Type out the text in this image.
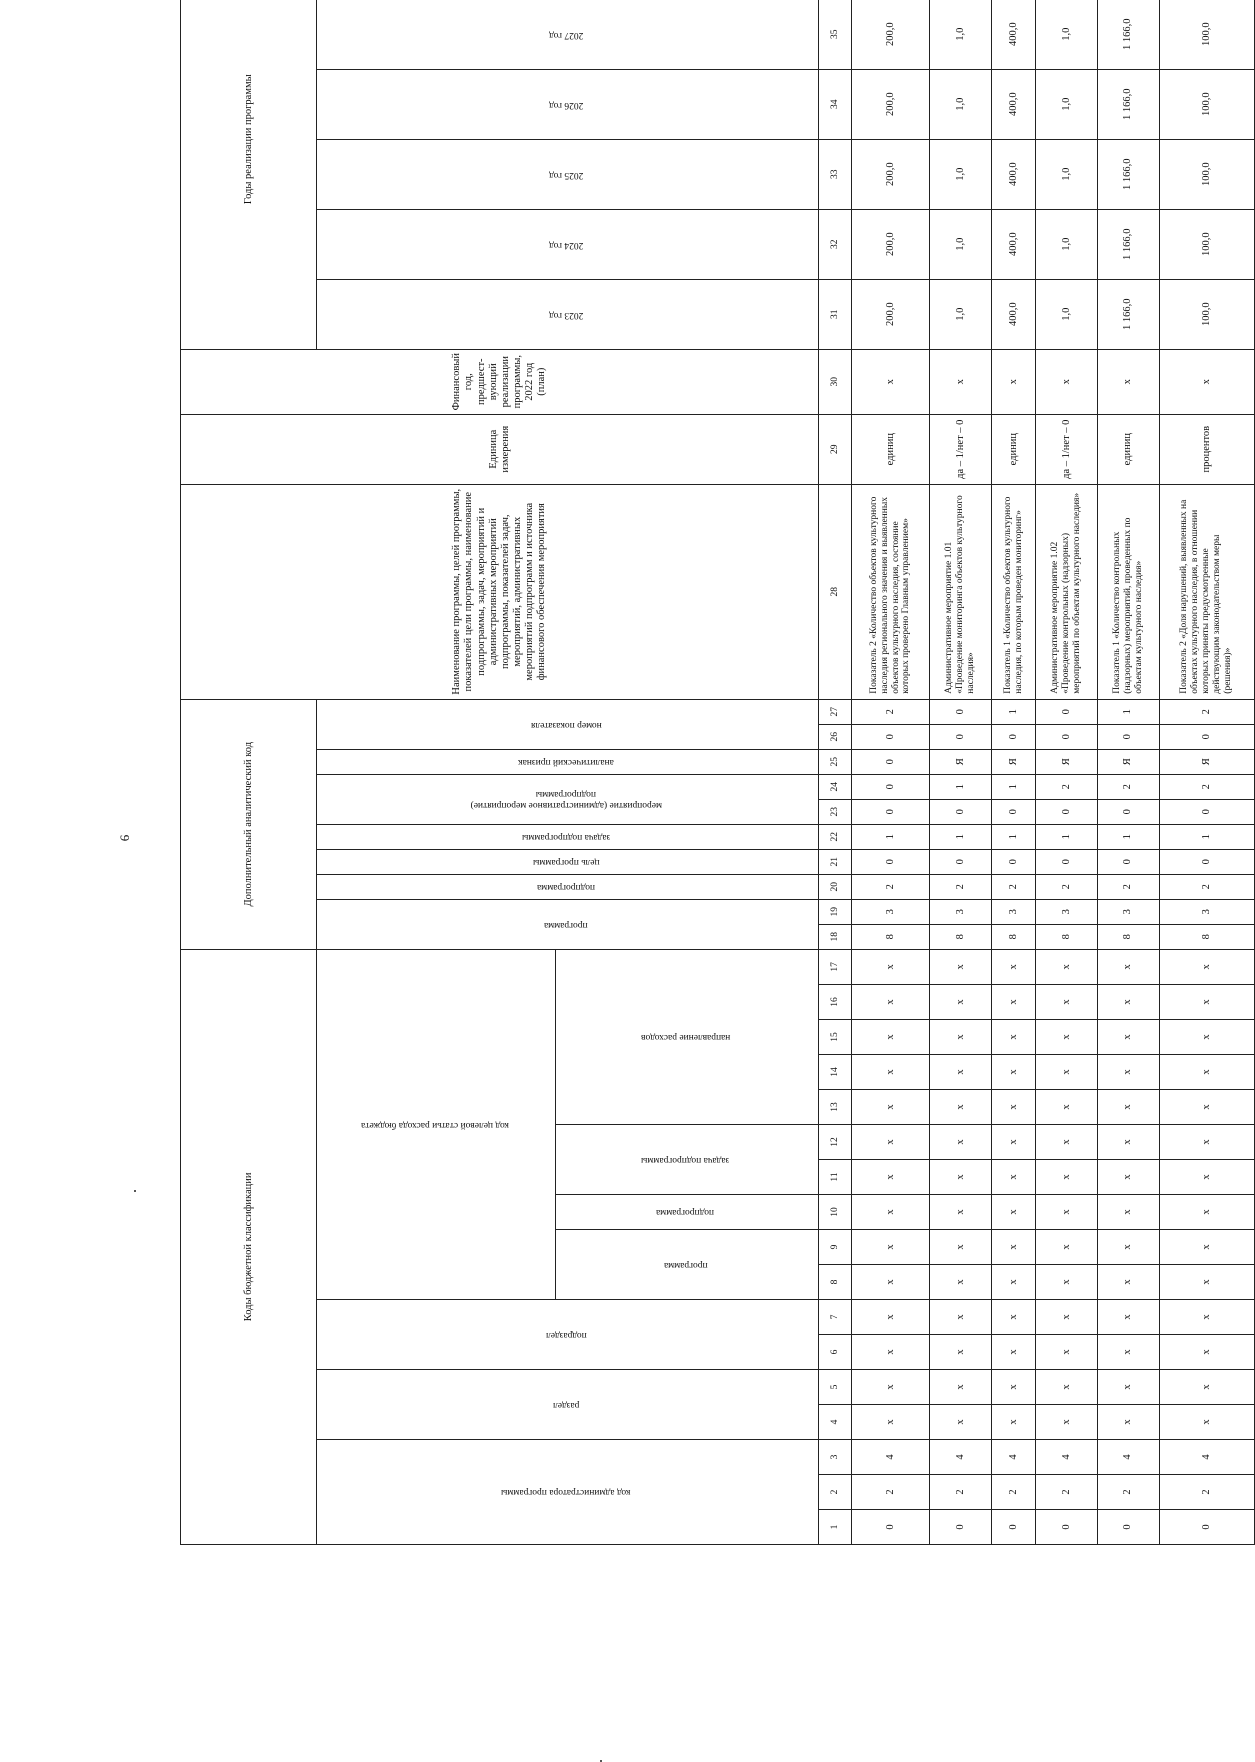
6
Коды бюджетной классификации																	Дополнительный аналитический код										Наименование программы, целей программы, показателей цели программы, наименование подпрограммы, задач, мероприятий и административных мероприятий подпрограммы, показателей задач, мероприятий, административных мероприятий подпрограмм и источника финансового обеспечения мероприятия	Единица измерения	Финансовый год, предшест-вующий реализации программы, 2022 год (план)	Годы реализации программы	
код администратора программы			раздел		подраздел		код целевой статьи расхода бюджета										программа		подпрограмма	цель программы	задача подпрограммы	мероприятие (административное мероприятие) подпрограммы		аналитический признак	номер показателя					2023 год	2024 год	2025 год	2026 год	2027 год		
							программа		подпрограмма	задача подпрограммы		направление расходов																								
1	2	3	4	5	6	7	8	9	10	11	12	13	14	15	16	17	18	19	20	21	22	23	24	25	26	27	28	29	30	31	32	33	34	35		
0	2	4	х	х	х	х	х	х	х	х	х	х	х	х	х	х	8	3	2	0	1	0	0	0	0	2	Показатель 2 «Количество объектов культурного наследия регионального значения и выявленных объектов культурного наследия, состояние которых проверено Главным управлением»	единиц	х	200,0	200,0	200,0	200,0	200,0		
0	2	4	х	х	х	х	х	х	х	х	х	х	х	х	х	х	8	3	2	0	1	0	1	Я	0	0	Административное мероприятие 1.01 «Проведение мониторинга объектов культурного наследия»	да – 1/нет – 0	х	1,0	1,0	1,0	1,0	1,0		
0	2	4	х	х	х	х	х	х	х	х	х	х	х	х	х	х	8	3	2	0	1	0	1	Я	0	1	Показатель 1 «Количество объектов культурного наследия, по которым проведен мониторинг»	единиц	х	400,0	400,0	400,0	400,0	400,0		
0	2	4	х	х	х	х	х	х	х	х	х	х	х	х	х	х	8	3	2	0	1	0	2	Я	0	0	Административное мероприятие 1.02 «Проведение контрольных (надзорных) мероприятий по объектам культурного наследия»	да – 1/нет – 0	х	1,0	1,0	1,0	1,0	1,0		
0	2	4	х	х	х	х	х	х	х	х	х	х	х	х	х	х	8	3	2	0	1	0	2	Я	0	1	Показатель 1 «Количество контрольных (надзорных) мероприятий, проведенных по объектам культурного наследия»	единиц	х	1 166,0	1 166,0	1 166,0	1 166,0	1 166,0		
0	2	4	х	х	х	х	х	х	х	х	х	х	х	х	х	х	8	3	2	0	1	0	2	Я	0	2	Показатель 2 «Доля нарушений, выявленных на объектах культурного наследия, в отношении которых приняты предусмотренные действующим законодательством меры (решения)»	процентов	х	100,0	100,0	100,0	100,0	100,0		
